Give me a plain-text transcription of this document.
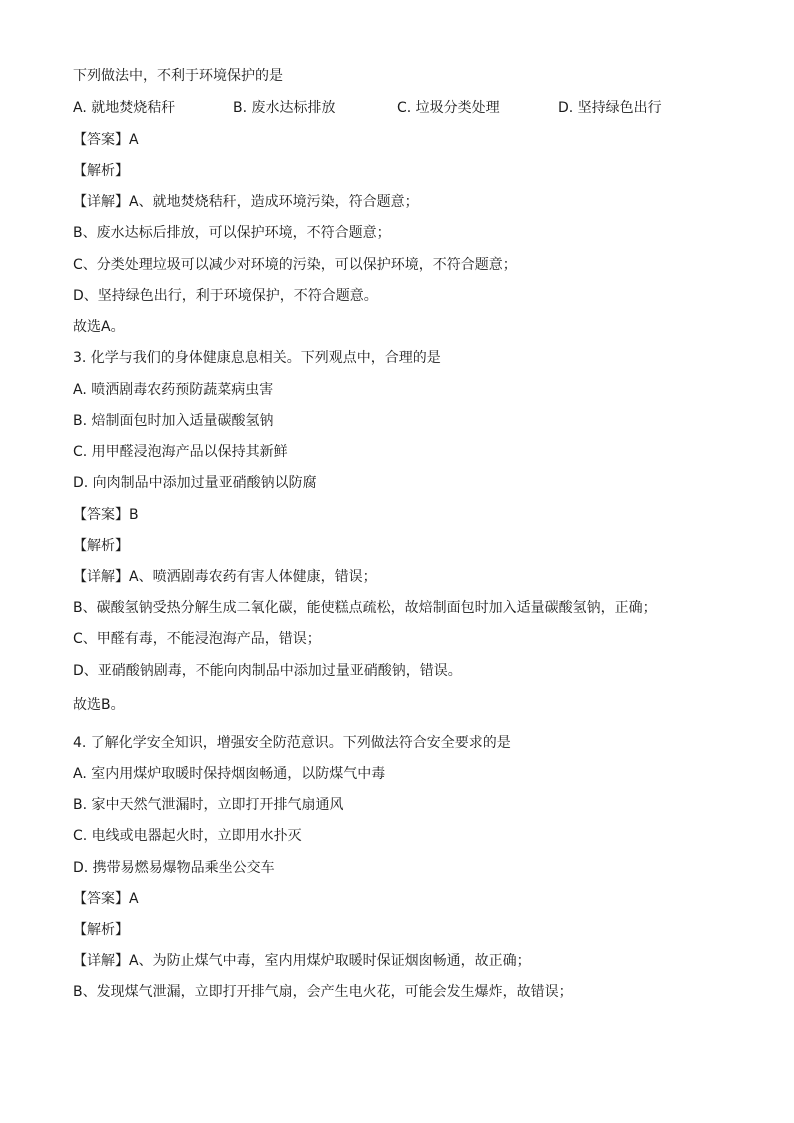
下列做法中，不利于环境保护的是
A. 就地焚烧秸秆	B. 废水达标排放	C. 垃圾分类处理	D. 坚持绿色出行
【答案】A
【解析】
【详解】A、就地焚烧秸秆，造成环境污染，符合题意；
B、废水达标后排放，可以保护环境，不符合题意；
C、分类处理垃圾可以减少对环境的污染，可以保护环境，不符合题意；
D、坚持绿色出行，利于环境保护，不符合题意。
故选A。
3. 化学与我们的身体健康息息相关。下列观点中，合理的是
A. 喷洒剧毒农药预防蔬菜病虫害
B. 焙制面包时加入适量碳酸氢钠
C. 用甲醛浸泡海产品以保持其新鲜
D. 向肉制品中添加过量亚硝酸钠以防腐
【答案】B
【解析】
【详解】A、喷洒剧毒农药有害人体健康，错误；
B、碳酸氢钠受热分解生成二氧化碳，能使糕点疏松，故焙制面包时加入适量碳酸氢钠，正确；
C、甲醛有毒，不能浸泡海产品，错误；
D、亚硝酸钠剧毒，不能向肉制品中添加过量亚硝酸钠，错误。
故选B。
4. 了解化学安全知识，增强安全防范意识。下列做法符合安全要求的是
A. 室内用煤炉取暖时保持烟囱畅通，以防煤气中毒
B. 家中天然气泄漏时，立即打开排气扇通风
C. 电线或电器起火时，立即用水扑灭
D. 携带易燃易爆物品乘坐公交车
【答案】A
【解析】
【详解】A、为防止煤气中毒，室内用煤炉取暖时保证烟囱畅通，故正确；
B、发现煤气泄漏，立即打开排气扇，会产生电火花，可能会发生爆炸，故错误；
